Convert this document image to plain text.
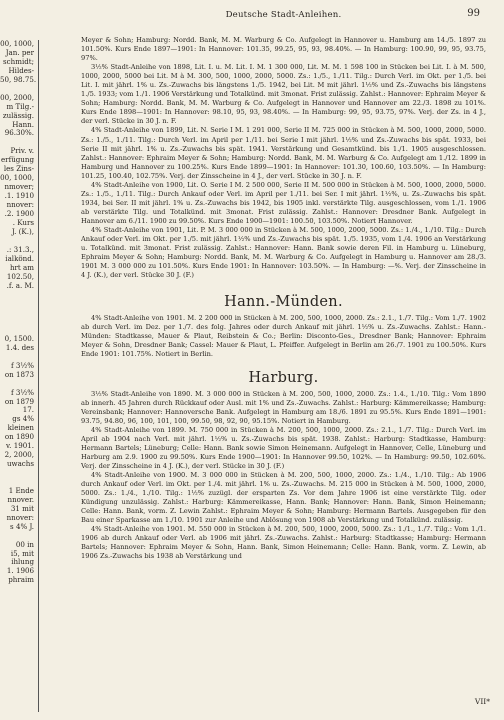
00, 1000,
Jan. per
schmidt;
Hildes-
50, 98.75.
00, 2000,
m Tilg.-
zulässig.
Hann.
96.30%.
Priv. v.
erfügung
les Zins-
00, 1000,
nmover;
.1. 1910
nnover:
.2. 1900
. Kurs
J. (K.),
.: 31.3.,
ialkönd.
hrt am
102.50,
.f. a. M.
0, 1500.
1.4. des
f 3½%
on 1873
f 3½%
on 1879
17.
gs 4%
kleinen
on 1890
v. 1901.
2, 2000,
uwachs
1 Ende
nnover.
31 mit
nnover:
s 4% J.
00 in
i5, mit
ihlung
1. 1906
phraim
Deutsche Stadt-Anleihen.	99

Meyer & Sohn; Hamburg: Nordd. Bank, M. M. Warburg & Co. Aufgelegt in Hannover u. Hamburg am 14./5. 1897 zu 101.50%. Kurs Ende 1897—1901: In Hannover: 101.35, 99.25, 95, 93, 98.40%. — In Hamburg: 100.90, 99, 95, 93.75, 97%.

3½% Stadt-Anleihe von 1898, Lit. I. u. M. Lit. I. M. 1 300 000, Lit. M. M. 1 598 100 in Stücken bei Lit. I. à M. 500, 1000, 2000, 5000 bei Lit. M à M. 300, 500, 1000, 2000, 5000. Zs.: 1./5., 1./11. Tilg.: Durch Verl. im Okt. per 1./5. bei Lit. I. mit jährl. 1% u. Zs.-Zuwachs bis längstens 1./5. 1942, bei Lit. M mit jährl. 1½% und Zs.-Zuwachs bis längstens 1./5. 1933; vom 1./1. 1906 Verstärkung und Totalkünd. mit 3monat. Frist zulässig. Zahlst.: Hannover: Ephraim Meyer & Sohn; Hamburg: Nordd. Bank, M. M. Warburg & Co. Aufgelegt in Hannover und Hannover am 22./3. 1898 zu 101%. Kurs Ende 1898—1901: In Hannover: 98.10, 95, 93, 98.40%. — In Hamburg: 99, 95, 93.75, 97%. Verj. der Zs. in 4 J., der verl. Stücke in 30 J. n. F.

4% Stadt-Anleihe von 1899, Lit. N. Serie I M. 1 291 000, Serie II M. 725 000 in Stücken à M. 500, 1000, 2000, 5000. Zs.: 1./5., 1./11. Tilg.: Durch Verl. im April per 1./11. bei Serie I mit jährl. 1½% und Zs.-Zuwachs bis spät. 1933, bei Serie II mit jährl. 1% u. Zs.-Zuwachs bis spät. 1941. Verstärkung und Gesamtkünd. bis 1./1. 1905 ausgeschlossen. Zahlst.: Hannover: Ephraim Meyer & Sohn; Hamburg: Nordd. Bank, M. M. Warburg & Co. Aufgelegt am 1./12. 1899 in Hamburg und Hannover zu 100.25%. Kurs Ende 1899—1901: In Hannover: 101.30, 100.60, 103.50%. — In Hamburg: 101.25, 100.40, 102.75%. Verj. der Zinsscheine in 4 J., der verl. Stücke in 30 J. n. F.

4% Stadt-Anleihe von 1900, Lit. O. Serie I M. 2 500 000, Serie II M. 500 000 in Stücken à M. 500, 1000, 2000, 5000. Zs.: 1./5., 1./11. Tilg.: Durch Ankauf oder Verl. im April per 1./11. bei Ser. I mit jährl. 1½%, u. Zs.-Zuwachs bis spät. 1934, bei Ser. II mit jährl. 1% u. Zs.-Zuwachs bis 1942, bis 1905 inkl. verstärkte Tilg. ausgeschlossen, vom 1./1. 1906 ab verstärkte Tilg. und Totalkünd. mit 3monat. Frist zulässig. Zahlst.: Hannover: Dresdner Bank. Aufgelegt in Hannover am 6./11. 1900 zu 99.50%. Kurs Ende 1900—1901: 100.50, 103.50%. Notiert Hannover.

4% Stadt-Anleihe von 1901, Lit. P. M. 3 000 000 in Stücken à M. 500, 1000, 2000, 5000. Zs.: 1./4., 1./10. Tilg.: Durch Ankauf oder Verl. im Okt. per 1./5. mit jährl. 1½% und Zs.-Zuwachs bis spät. 1./5. 1935, vom 1./4. 1906 an Verstärkung u. Totalkünd. mit 3monat. Frist zulässig. Zahlst.: Hannover: Hann. Bank sowie deren Fil. in Hamburg u. Lüneburg, Ephraim Meyer & Sohn; Hamburg: Nordd. Bank, M. M. Warburg & Co. Aufgelegt in Hamburg u. Hannover am 28./3. 1901 M. 3 000 000 zu 101.50%. Kurs Ende 1901: In Hannover: 103.50%. — In Hamburg: —%. Verj. der Zinsscheine in 4 J. (K.), der verl. Stücke 30 J. (F.)

Hann.-Münden.

4% Stadt-Anleihe von 1901. M. 2 200 000 in Stücken à M. 200, 500, 1000, 2000. Zs.: 2.1., 1./7. Tilg.: Vom 1./7. 1902 ab durch Verl. im Dez. per 1./7. des folg. Jahres oder durch Ankauf mit jährl. 1½% u. Zs.-Zuwachs. Zahlst.: Hann.-Münden: Stadtkasse, Mauer & Plaut, Reibstein & Co.; Berlin: Disconto-Ges., Dresdner Bank; Hannover: Ephraim Meyer & Sohn, Dresdner Bank; Cassel: Mauer & Plaut, L. Pfeiffer. Aufgelegt in Berlin am 26./7. 1901 zu 100.50%. Kurs Ende 1901: 101.75%. Notiert in Berlin.

Harburg.

3½% Stadt-Anleihe von 1890. M. 3 000 000 in Stücken à M. 200, 500, 1000, 2000. Zs.: 1.4., 1./10. Tilg.: Vom 1890 ab innerh. 45 Jahren durch Rückkauf oder Ausl. mit 1% und Zs.-Zuwachs. Zahlst.: Harburg: Kämmereikasse; Hamburg: Vereinsbank; Hannover: Hannoversche Bank. Aufgelegt in Hamburg am 18./6. 1891 zu 95.5%. Kurs Ende 1891—1901: 93.75, 94.80, 96, 100, 101, 100, 99.50, 98, 92, 90, 95.15%. Notiert in Hamburg.

4% Stadt-Anleihe von 1899. M. 750 000 in Stücken à M. 200, 500, 1000, 2000. Zs.: 2.1., 1./7. Tilg.: Durch Verl. im April ab 1904 nach Verl. mit jährl. 1½% u. Zs.-Zuwachs bis spät. 1938. Zahlst.: Harburg: Stadtkasse, Hamburg: Hermann Bartels; Lüneburg; Celle: Hann. Bank sowie Simon Heinemann. Aufgelegt in Hannover, Celle, Lüneburg und Harburg am 2.9. 1900 zu 99.50%. Kurs Ende 1900—1901: In Hannover 99.50, 102%. — In Hamburg: 99.50, 102.60%. Verj. der Zinsscheine in 4 J. (K.), der verl. Stücke in 30 J. (F.)

4% Stadt-Anleihe von 1900. M. 3 000 000 in Stücken à M. 200, 500, 1000, 2000. Zs.: 1./4., 1./10. Tilg.: Ab 1906 durch Ankauf oder Verl. im Okt. per 1./4. mit jährl. 1% u. Zs.-Zuwachs. M. 215 000 in Stücken à M. 500, 1000, 2000, 5000. Zs.: 1./4., 1./10. Tilg.: 1½% zuzügl. der ersparten Zs. Vor dem Jahre 1906 ist eine verstärkte Tilg. oder Kündigung unzulässig. Zahlst.: Harburg: Kämmereikasse, Hann. Bank; Hannover: Hann. Bank, Simon Heinemann; Celle: Hann. Bank, vorm. Z. Lewin Zahlst.: Ephraim Meyer & Sohn; Hamburg: Hermann Bartels. Ausgegeben für den Bau einer Sparkasse am 1./10. 1901 zur Anleihe und Ablösung von 1908 ab Verstärkung und Totalkünd. zulässig.

4% Stadt-Anleihe von 1901. M. 550 000 in Stücken à M. 200, 500, 1000, 2000, 5000. Zs.: 1./1., 1./7. Tilg.: Vom 1./1. 1906 ab durch Ankauf oder Verl. ab 1906 mit jährl. Zs.-Zuwachs. Zahlst.: Harburg: Stadtkasse; Hamburg: Hermann Bartels; Hannover: Ephraim Meyer & Sohn, Hann. Bank, Simon Heinemann; Celle: Hann. Bank, vorm. Z. Lewin, ab 1906 Zs.-Zuwachs bis 1938 ab Verstärkung und

VII*
